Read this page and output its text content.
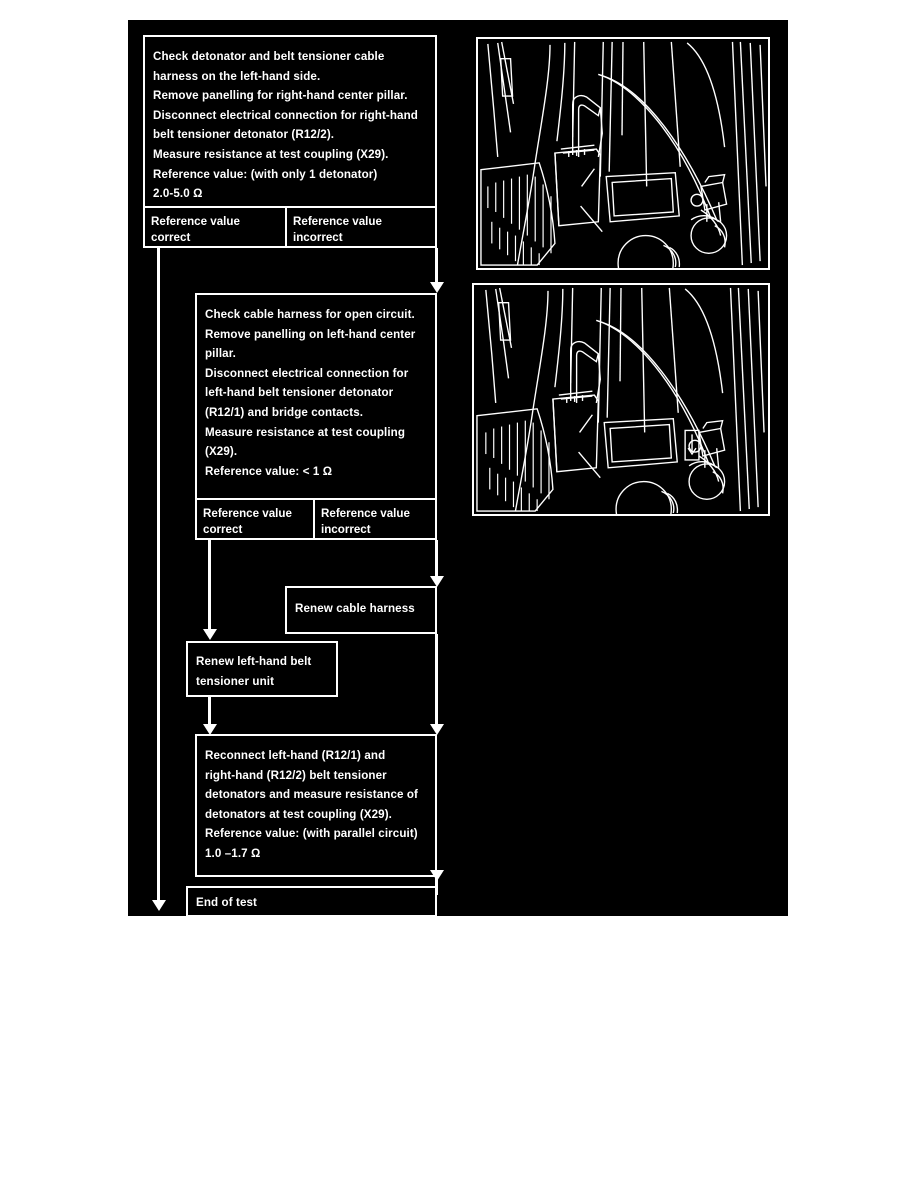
Check detonator and belt tensioner cable
harness on the left-hand side.
Remove panelling for right-hand center pillar.
Disconnect electrical connection for right-hand
belt tensioner detonator (R12/2).
Measure resistance at test coupling (X29).
Reference value: (with only 1 detonator)
2.0-5.0 Ω
Reference value
correct
Reference value
incorrect
Check cable harness for open circuit.
Remove panelling on left-hand center
pillar.
Disconnect electrical connection for
left-hand belt tensioner detonator
(R12/1) and bridge contacts.
Measure resistance at test coupling
(X29).
Reference value: < 1 Ω
Reference value
correct
Reference value
incorrect
Renew cable harness
Renew left-hand belt
tensioner unit
Reconnect left-hand (R12/1) and
right-hand (R12/2) belt tensioner
detonators and measure resistance of
detonators at test coupling (X29).
Reference value: (with parallel circuit)
1.0 –1.7 Ω
End of test
